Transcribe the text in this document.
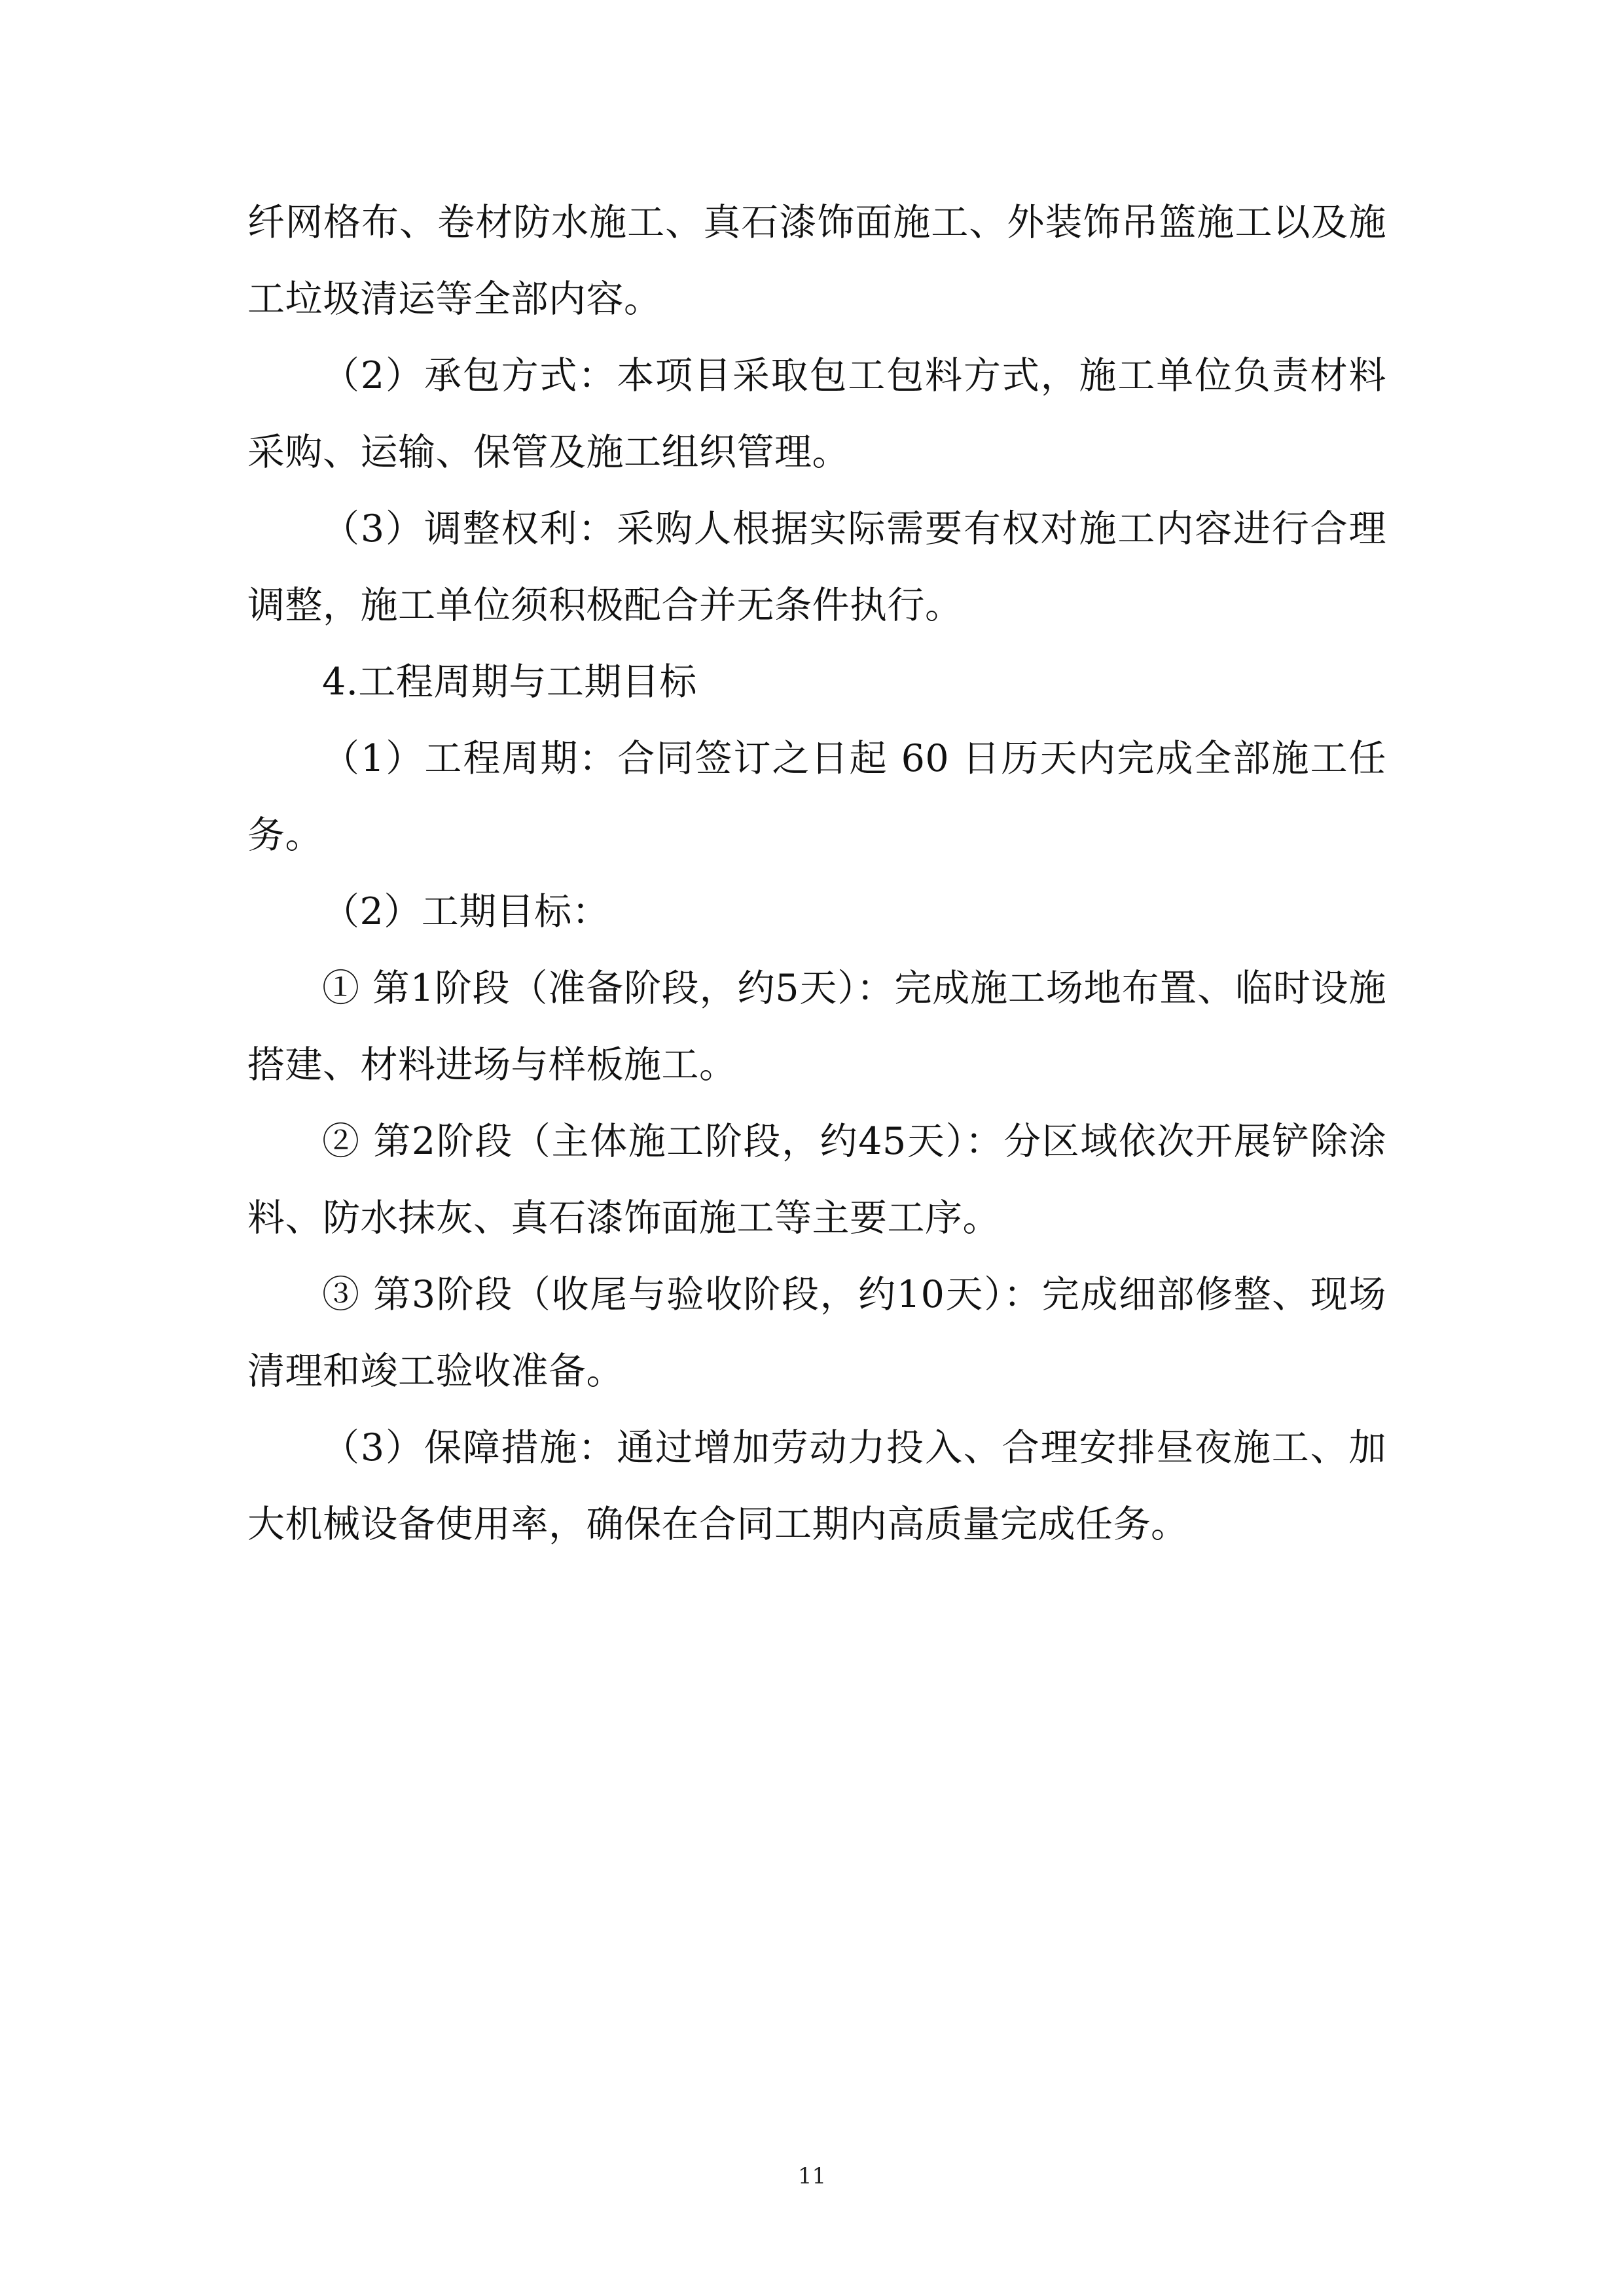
纤网格布、卷材防水施工、真石漆饰面施工、外装饰吊篮施工以及施工垃圾清运等全部内容。

（2）承包方式：本项目采取包工包料方式，施工单位负责材料采购、运输、保管及施工组织管理。

（3）调整权利：采购人根据实际需要有权对施工内容进行合理调整，施工单位须积极配合并无条件执行。

4.工程周期与工期目标

（1）工程周期：合同签订之日起 60 日历天内完成全部施工任务。

（2）工期目标：

① 第1阶段（准备阶段，约5天）：完成施工场地布置、临时设施搭建、材料进场与样板施工。

② 第2阶段（主体施工阶段，约45天）：分区域依次开展铲除涂料、防水抹灰、真石漆饰面施工等主要工序。

③ 第3阶段（收尾与验收阶段，约10天）：完成细部修整、现场清理和竣工验收准备。

（3）保障措施：通过增加劳动力投入、合理安排昼夜施工、加大机械设备使用率，确保在合同工期内高质量完成任务。

11
